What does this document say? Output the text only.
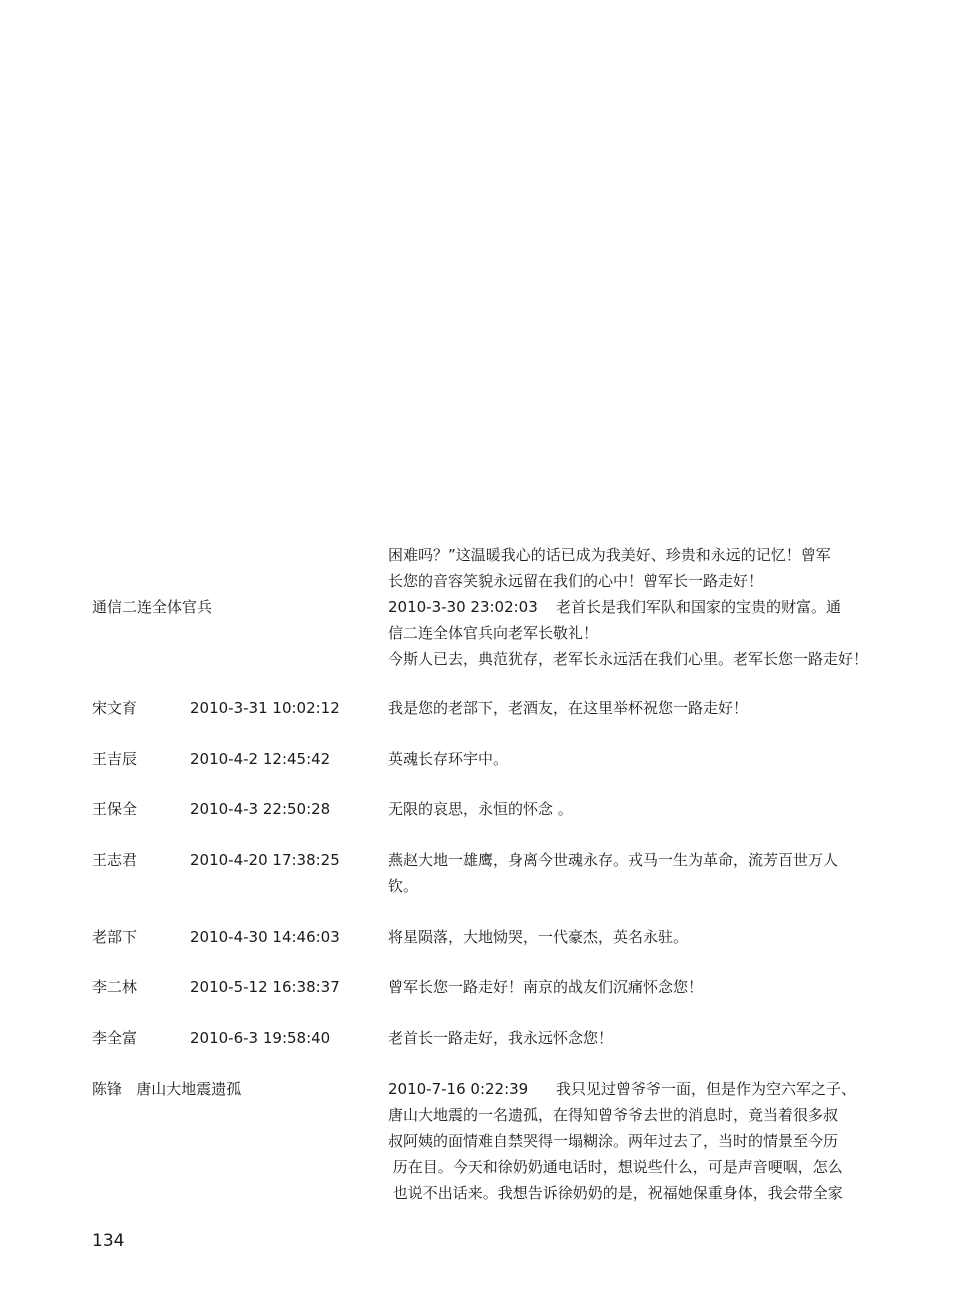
困难吗？”这温暖我心的话已成为我美好、珍贵和永远的记忆！曾军
长您的音容笑貌永远留在我们的心中！曾军长一路走好！
通信二连全体官兵	2010-3-30 23:02:03 老首长是我们军队和国家的宝贵的财富。通
信二连全体官兵向老军长敬礼！
今斯人已去，典范犹存，老军长永远活在我们心里。老军长您一路走好！
宋文育	2010-3-31 10:02:12	我是您的老部下，老酒友，在这里举杯祝您一路走好！
王吉辰	2010-4-2 12:45:42	英魂长存环宇中。
王保全	2010-4-3 22:50:28	无限的哀思，永恒的怀念 。
王志君	2010-4-20 17:38:25	燕赵大地一雄鹰，身离今世魂永存。戎马一生为革命，流芳百世万人
钦。
老部下	2010-4-30 14:46:03	将星陨落，大地恸哭，一代豪杰，英名永驻。
李二林	2010-5-12 16:38:37	曾军长您一路走好！南京的战友们沉痛怀念您！
李全富	2010-6-3 19:58:40	老首长一路走好，我永远怀念您！
陈锋   唐山大地震遗孤	2010-7-16 0:22:39 我只见过曾爷爷一面，但是作为空六军之子、
唐山大地震的一名遗孤，在得知曾爷爷去世的消息时，竟当着很多叔
叔阿姨的面情难自禁哭得一塌糊涂。两年过去了，当时的情景至今历
历在目。今天和徐奶奶通电话时，想说些什么，可是声音哽咽，怎么
也说不出话来。我想告诉徐奶奶的是，祝福她保重身体，我会带全家
134
